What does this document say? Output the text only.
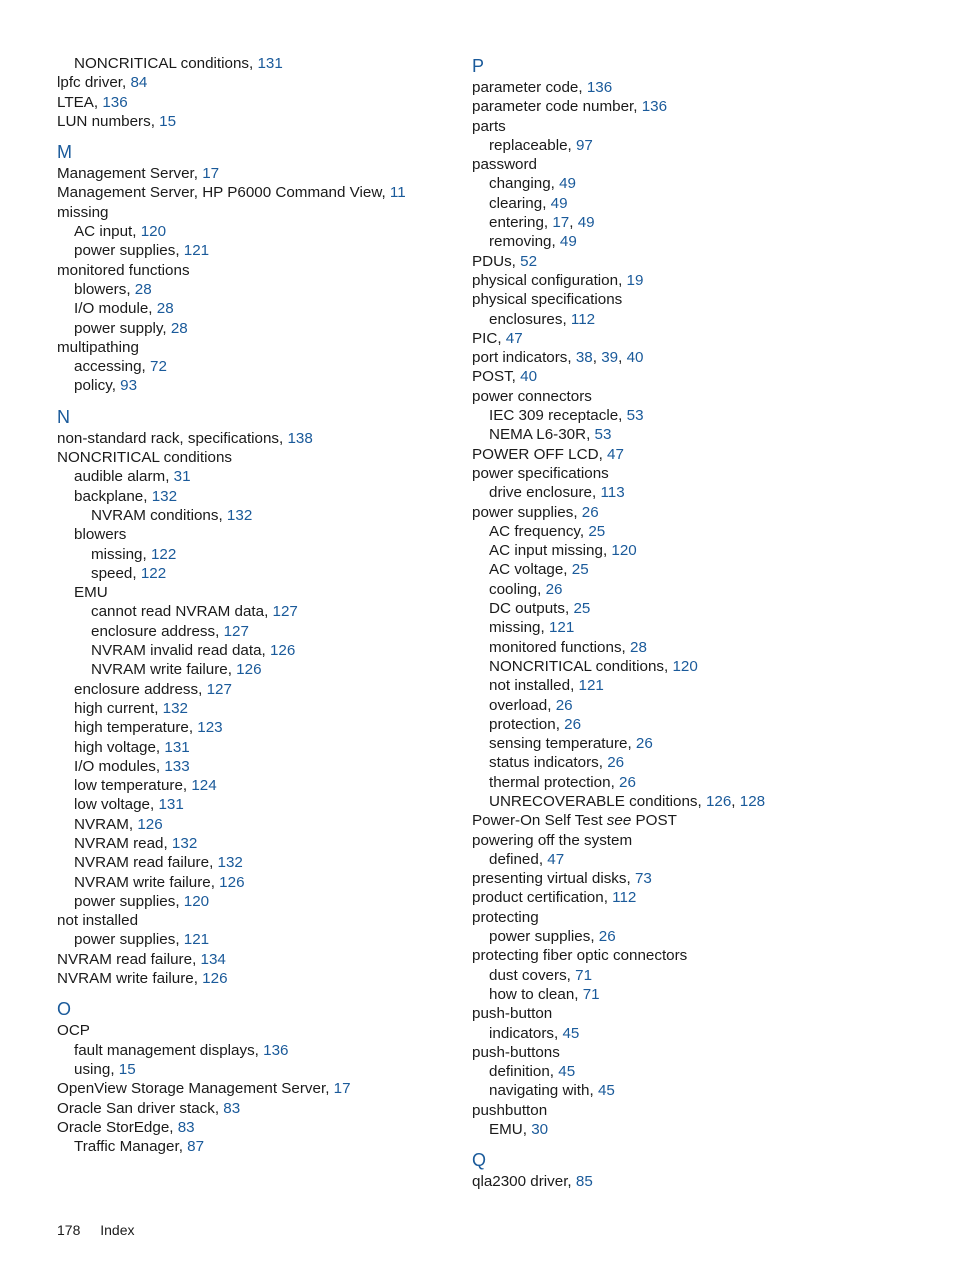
NONCRITICAL conditions, 131
lpfc driver, 84
LTEA, 136
LUN numbers, 15
M
Management Server, 17
Management Server, HP P6000 Command View, 11
missing
AC input, 120
power supplies, 121
monitored functions
blowers, 28
I/O module, 28
power supply, 28
multipathing
accessing, 72
policy, 93
N
non-standard rack, specifications, 138
NONCRITICAL conditions
audible alarm, 31
backplane, 132
NVRAM conditions, 132
blowers
missing, 122
speed, 122
EMU
cannot read NVRAM data, 127
enclosure address, 127
NVRAM invalid read data, 126
NVRAM write failure, 126
enclosure address, 127
high current, 132
high temperature, 123
high voltage, 131
I/O modules, 133
low temperature, 124
low voltage, 131
NVRAM, 126
NVRAM read, 132
NVRAM read failure, 132
NVRAM write failure, 126
power supplies, 120
not installed
power supplies, 121
NVRAM read failure, 134
NVRAM write failure, 126
O
OCP
fault management displays, 136
using, 15
OpenView Storage Management Server, 17
Oracle San driver stack, 83
Oracle StorEdge, 83
Traffic Manager, 87
P
parameter code, 136
parameter code number, 136
parts
replaceable, 97
password
changing, 49
clearing, 49
entering, 17, 49
removing, 49
PDUs, 52
physical configuration, 19
physical specifications
enclosures, 112
PIC, 47
port indicators, 38, 39, 40
POST, 40
power connectors
IEC 309 receptacle, 53
NEMA L6-30R, 53
POWER OFF LCD, 47
power specifications
drive enclosure, 113
power supplies, 26
AC frequency, 25
AC input missing, 120
AC voltage, 25
cooling, 26
DC outputs, 25
missing, 121
monitored functions, 28
NONCRITICAL conditions, 120
not installed, 121
overload, 26
protection, 26
sensing temperature, 26
status indicators, 26
thermal protection, 26
UNRECOVERABLE conditions, 126, 128
Power-On Self Test see POST
powering off the system
defined, 47
presenting virtual disks, 73
product certification, 112
protecting
power supplies, 26
protecting fiber optic connectors
dust covers, 71
how to clean, 71
push-button
indicators, 45
push-buttons
definition, 45
navigating with, 45
pushbutton
EMU, 30
Q
qla2300 driver, 85
178 Index
